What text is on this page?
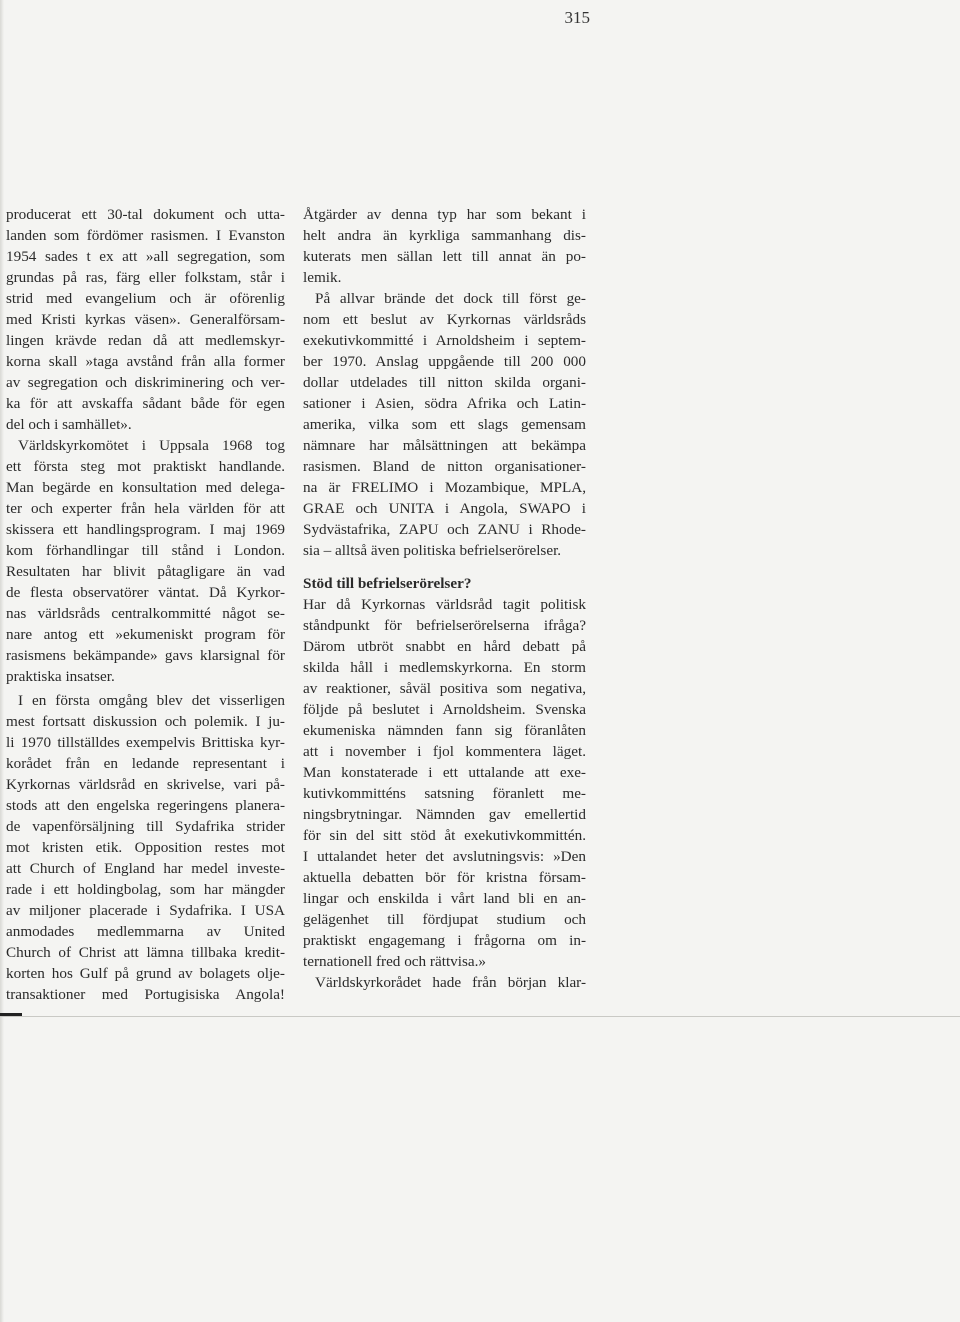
315
producerat ett 30-tal dokument och utta-
landen som fördömer rasismen. I Evanston
1954 sades t ex att »all segregation, som
grundas på ras, färg eller folkstam, står i
strid med evangelium och är oförenlig
med Kristi kyrkas väsen». Generalförsam-
lingen krävde redan då att medlemskyr-
korna skall »taga avstånd från alla former
av segregation och diskriminering och ver-
ka för att avskaffa sådant både för egen
del och i samhället».
Världskyrkomötet i Uppsala 1968 tog
ett första steg mot praktiskt handlande.
Man begärde en konsultation med delega-
ter och experter från hela världen för att
skissera ett handlingsprogram. I maj 1969
kom förhandlingar till stånd i London.
Resultaten har blivit påtagligare än vad
de flesta observatörer väntat. Då Kyrkor-
nas världsråds centralkommitté något se-
nare antog ett »ekumeniskt program för
rasismens bekämpande» gavs klarsignal för
praktiska insatser.
I en första omgång blev det visserligen
mest fortsatt diskussion och polemik. I ju-
li 1970 tillställdes exempelvis Brittiska kyr-
korådet från en ledande representant i
Kyrkornas världsråd en skrivelse, vari på-
stods att den engelska regeringens planera-
de vapenförsäljning till Sydafrika strider
mot kristen etik. Opposition restes mot
att Church of England har medel investe-
rade i ett holdingbolag, som har mängder
av miljoner placerade i Sydafrika. I USA
anmodades medlemmarna av United
Church of Christ att lämna tillbaka kredit-
korten hos Gulf på grund av bolagets olje-
transaktioner med Portugisiska Angola!
Åtgärder av denna typ har som bekant i
helt andra än kyrkliga sammanhang dis-
kuterats men sällan lett till annat än po-
lemik.
På allvar brände det dock till först ge-
nom ett beslut av Kyrkornas världsråds
exekutivkommitté i Arnoldsheim i septem-
ber 1970. Anslag uppgående till 200 000
dollar utdelades till nitton skilda organi-
sationer i Asien, södra Afrika och Latin-
amerika, vilka som ett slags gemensam
nämnare har målsättningen att bekämpa
rasismen. Bland de nitton organisationer-
na är FRELIMO i Mozambique, MPLA,
GRAE och UNITA i Angola, SWAPO i
Sydvästafrika, ZAPU och ZANU i Rhode-
sia – alltså även politiska befrielserörelser.
Stöd till befrielserörelser?
Har då Kyrkornas världsråd tagit politisk
ståndpunkt för befrielserörelserna ifråga?
Därom utbröt snabbt en hård debatt på
skilda håll i medlemskyrkorna. En storm
av reaktioner, såväl positiva som negativa,
följde på beslutet i Arnoldsheim. Svenska
ekumeniska nämnden fann sig föranlåten
att i november i fjol kommentera läget.
Man konstaterade i ett uttalande att exe-
kutivkommitténs satsning föranlett me-
ningsbrytningar. Nämnden gav emellertid
för sin del sitt stöd åt exekutivkommittén.
I uttalandet heter det avslutningsvis: »Den
aktuella debatten bör för kristna försam-
lingar och enskilda i vårt land bli en an-
gelägenhet till fördjupat studium och
praktiskt engagemang i frågorna om in-
ternationell fred och rättvisa.»
Världskyrkorådet hade från början klar-
